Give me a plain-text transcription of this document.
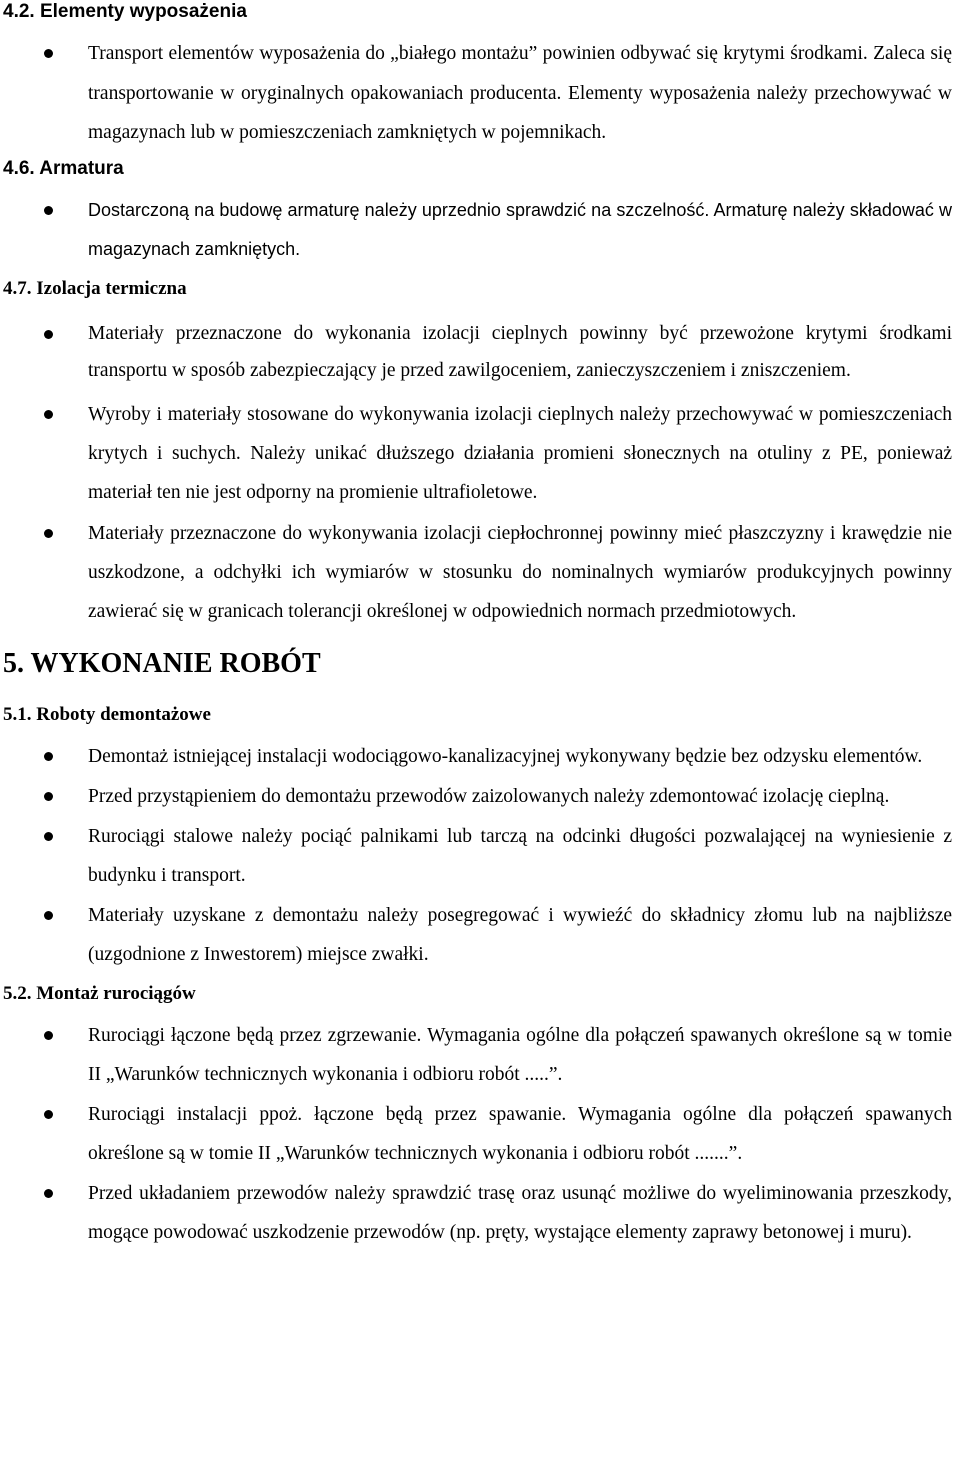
4.2. Elementy wyposażenia
Transport elementów wyposażenia do „białego montażu” powinien odbywać się krytymi środkami. Zaleca się transportowanie w oryginalnych opakowaniach producenta. Elementy wyposażenia należy przechowywać w magazynach lub w pomieszczeniach zamkniętych w pojemnikach.
4.6. Armatura
Dostarczoną na budowę armaturę należy uprzednio sprawdzić na szczelność. Armaturę należy składować w magazynach zamkniętych.
4.7. Izolacja termiczna
Materiały przeznaczone do wykonania izolacji cieplnych powinny być przewożone krytymi środkami transportu w sposób zabezpieczający je przed zawilgoceniem, zanieczyszczeniem i zniszczeniem.
Wyroby i materiały stosowane do wykonywania izolacji cieplnych należy przechowywać w pomieszczeniach krytych i suchych. Należy unikać dłuższego działania promieni słonecznych na otuliny z PE, ponieważ materiał ten nie jest odporny na promienie ultrafioletowe.
Materiały przeznaczone do wykonywania izolacji ciepłochronnej powinny mieć płaszczyzny i krawędzie nie uszkodzone, a odchyłki ich wymiarów w stosunku do nominalnych wymiarów produkcyjnych powinny zawierać się w granicach tolerancji określonej w odpowiednich normach przedmiotowych.
5. WYKONANIE ROBÓT
5.1. Roboty demontażowe
Demontaż istniejącej instalacji wodociągowo-kanalizacyjnej wykonywany będzie bez odzysku elementów.
Przed przystąpieniem do demontażu przewodów zaizolowanych należy zdemontować izolację cieplną.
Rurociągi stalowe należy pociąć palnikami lub tarczą na odcinki długości pozwalającej na wyniesienie z budynku i transport.
Materiały uzyskane z demontażu należy posegregować i wywieźć do składnicy złomu lub na najbliższe (uzgodnione z Inwestorem) miejsce zwałki.
5.2. Montaż rurociągów
Rurociągi łączone będą przez zgrzewanie. Wymagania ogólne dla połączeń spawanych określone są w tomie II „Warunków technicznych wykonania i odbioru robót .....”.
Rurociągi instalacji ppoż. łączone będą przez spawanie. Wymagania ogólne dla połączeń spawanych określone są w tomie II „Warunków technicznych wykonania i odbioru robót .......”.
Przed układaniem przewodów należy sprawdzić trasę oraz usunąć możliwe do wyeliminowania przeszkody, mogące powodować uszkodzenie przewodów (np. pręty, wystające elementy zaprawy betonowej i muru).
